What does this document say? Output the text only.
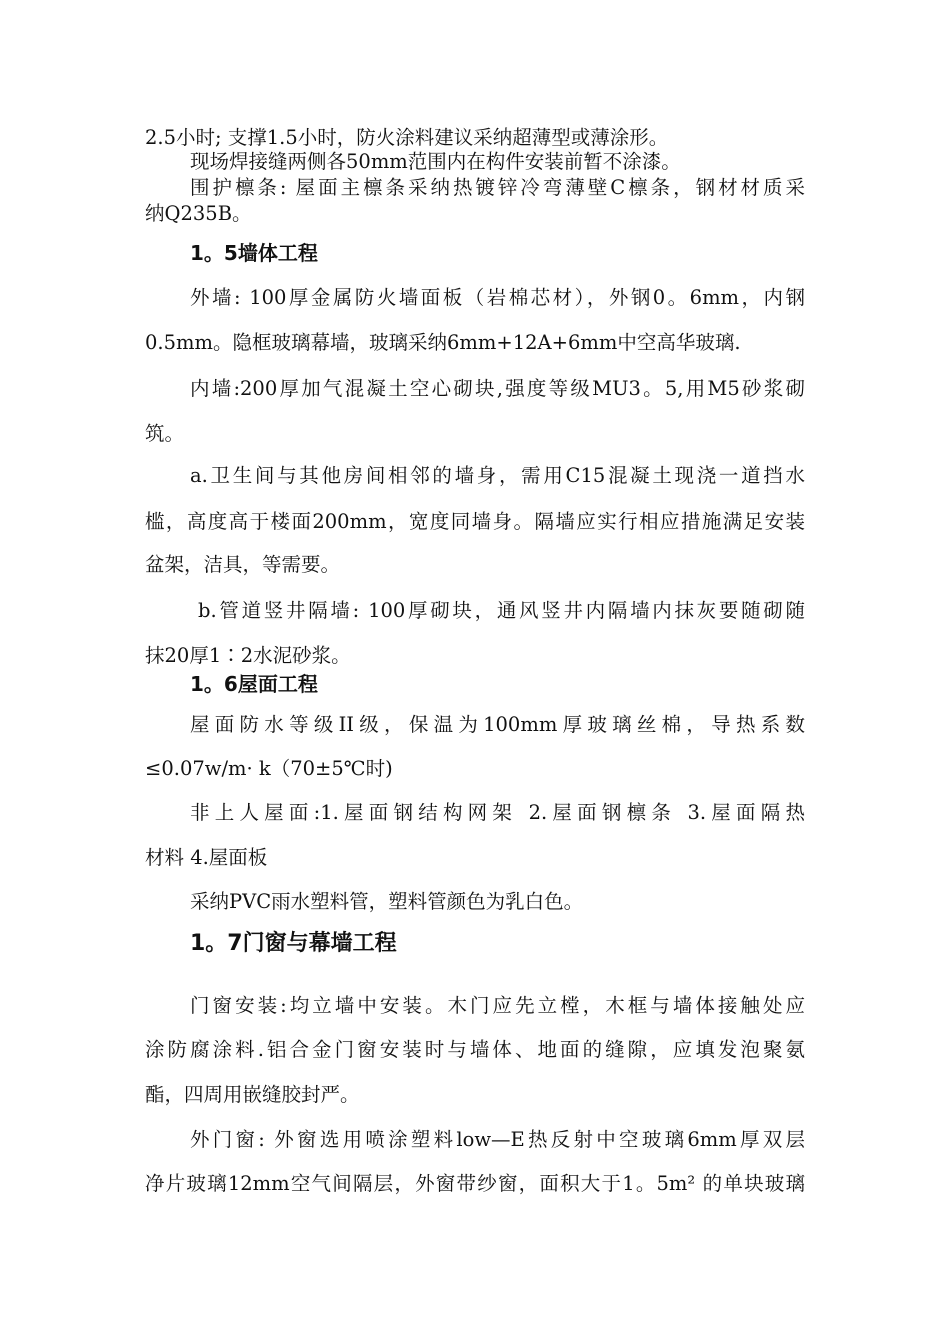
2.5小时; 支撑1.5小时，防火涂料建议采纳超薄型或薄涂形。
现场焊接缝两侧各50mm范围内在构件安装前暂不涂漆。
围护檩条: 屋面主檩条采纳热镀锌冷弯薄壁C檩条，钢材材质采
纳Q235B。
1。5墙体工程
外墙: 100厚金属防火墙面板（岩棉芯材），外钢0。6mm，内钢
0.5mm。隐框玻璃幕墙，玻璃采纳6mm+12A+6mm中空高华玻璃.
内墙:200厚加气混凝土空心砌块,强度等级MU3。5,用M5砂浆砌
筑。
a.卫生间与其他房间相邻的墙身，需用C15混凝土现浇一道挡水
槛，高度高于楼面200mm，宽度同墙身。隔墙应实行相应措施满足安装
盆架，洁具，等需要。
b.管道竖井隔墙: 100厚砌块，通风竖井内隔墙内抹灰要随砌随
抹20厚1∶2水泥砂浆。
1。6屋面工程
屋面防水等级II级，保温为100mm厚玻璃丝棉，导热系数
≤0.07w/m· k（70±5℃时)
非上人屋面:1.屋面钢结构网架 2.屋面钢檩条 3.屋面隔热
材料 4.屋面板
采纳PVC雨水塑料管，塑料管颜色为乳白色。
1。7门窗与幕墙工程
门窗安装:均立墙中安装。木门应先立樘，木框与墙体接触处应
涂防腐涂料.铝合金门窗安装时与墙体、地面的缝隙，应填发泡聚氨
酯，四周用嵌缝胶封严。
外门窗: 外窗选用喷涂塑料low—E热反射中空玻璃6mm厚双层
净片玻璃12mm空气间隔层，外窗带纱窗，面积大于1。5m² 的单块玻璃
